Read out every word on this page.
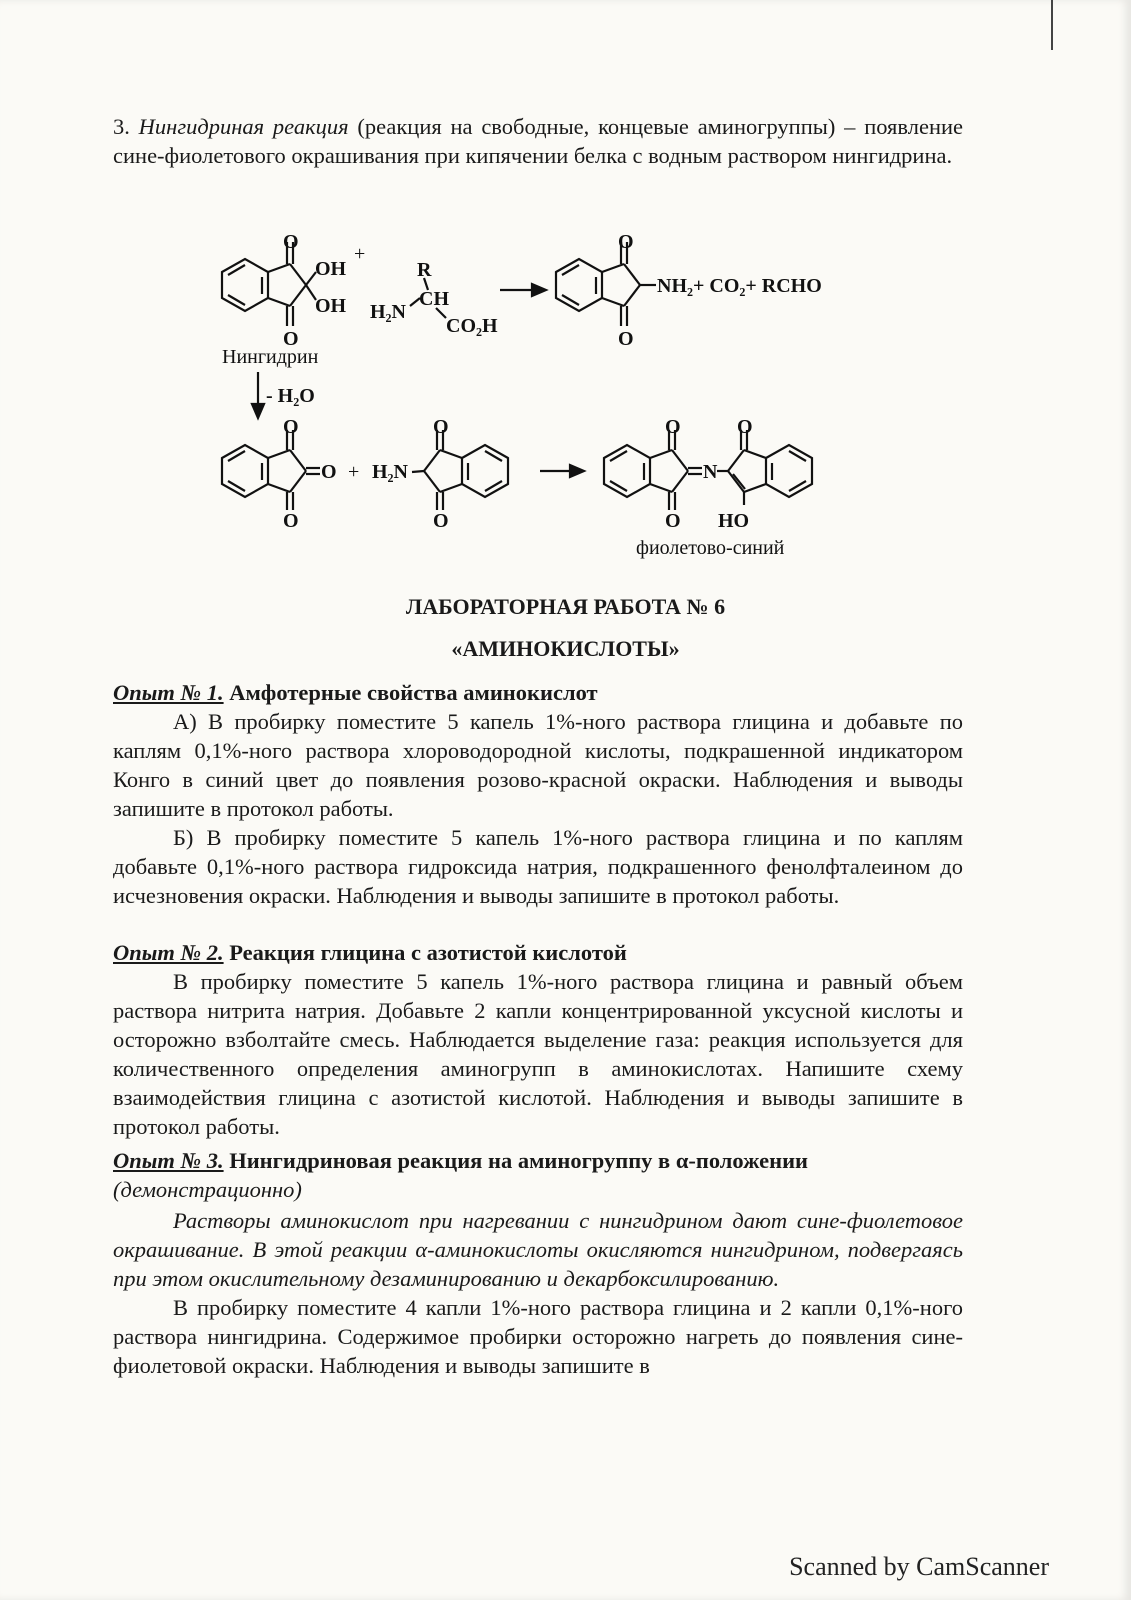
3. Нингидриная реакция (реакция на свободные, концевые аминогруппы) – появление сине-фиолетового окрашивания при кипячении белка с водным раствором нингидрина.

O
O
OH
OH
+
R
CH
H₂N
CO₂H
O
O
NH₂+ CO₂+ RCHO
Нингидрин
- H₂O
O
O
O + H₂N
O
O
O
O
N
O
HO
фиолетово-синий

ЛАБОРАТОРНАЯ РАБОТА № 6

«АМИНОКИСЛОТЫ»

Опыт № 1. Амфотерные свойства аминокислот

А) В пробирку поместите 5 капель 1%-ного раствора глицина и добавьте по каплям 0,1%-ного раствора хлороводородной кислоты, подкрашенной индикатором Конго в синий цвет до появления розово-красной окраски. Наблюдения и выводы запишите в протокол работы.

Б) В пробирку поместите 5 капель 1%-ного раствора глицина и по каплям добавьте 0,1%-ного раствора гидроксида натрия, подкрашенного фенолфталеином до исчезновения окраски. Наблюдения и выводы запишите в протокол работы.

Опыт № 2. Реакция глицина с азотистой кислотой

В пробирку поместите 5 капель 1%-ного раствора глицина и равный объем раствора нитрита натрия. Добавьте 2 капли концентрированной уксусной кислоты и осторожно взболтайте смесь. Наблюдается выделение газа: реакция используется для количественного определения аминогрупп в аминокислотах. Напишите схему взаимодействия глицина с азотистой кислотой. Наблюдения и выводы запишите в протокол работы.

Опыт № 3. Нингидриновая реакция на аминогруппу в α-положении

(демонстрационно)

Растворы аминокислот при нагревании с нингидрином дают сине-фиолетовое окрашивание. В этой реакции α-аминокислоты окисляются нингидрином, подвергаясь при этом окислительному дезаминированию и декарбоксилированию.

В пробирку поместите 4 капли 1%-ного раствора глицина и 2 капли 0,1%-ного раствора нингидрина. Содержимое пробирки осторожно нагреть до появления сине-фиолетовой окраски. Наблюдения и выводы запишите в

Scanned by CamScanner
